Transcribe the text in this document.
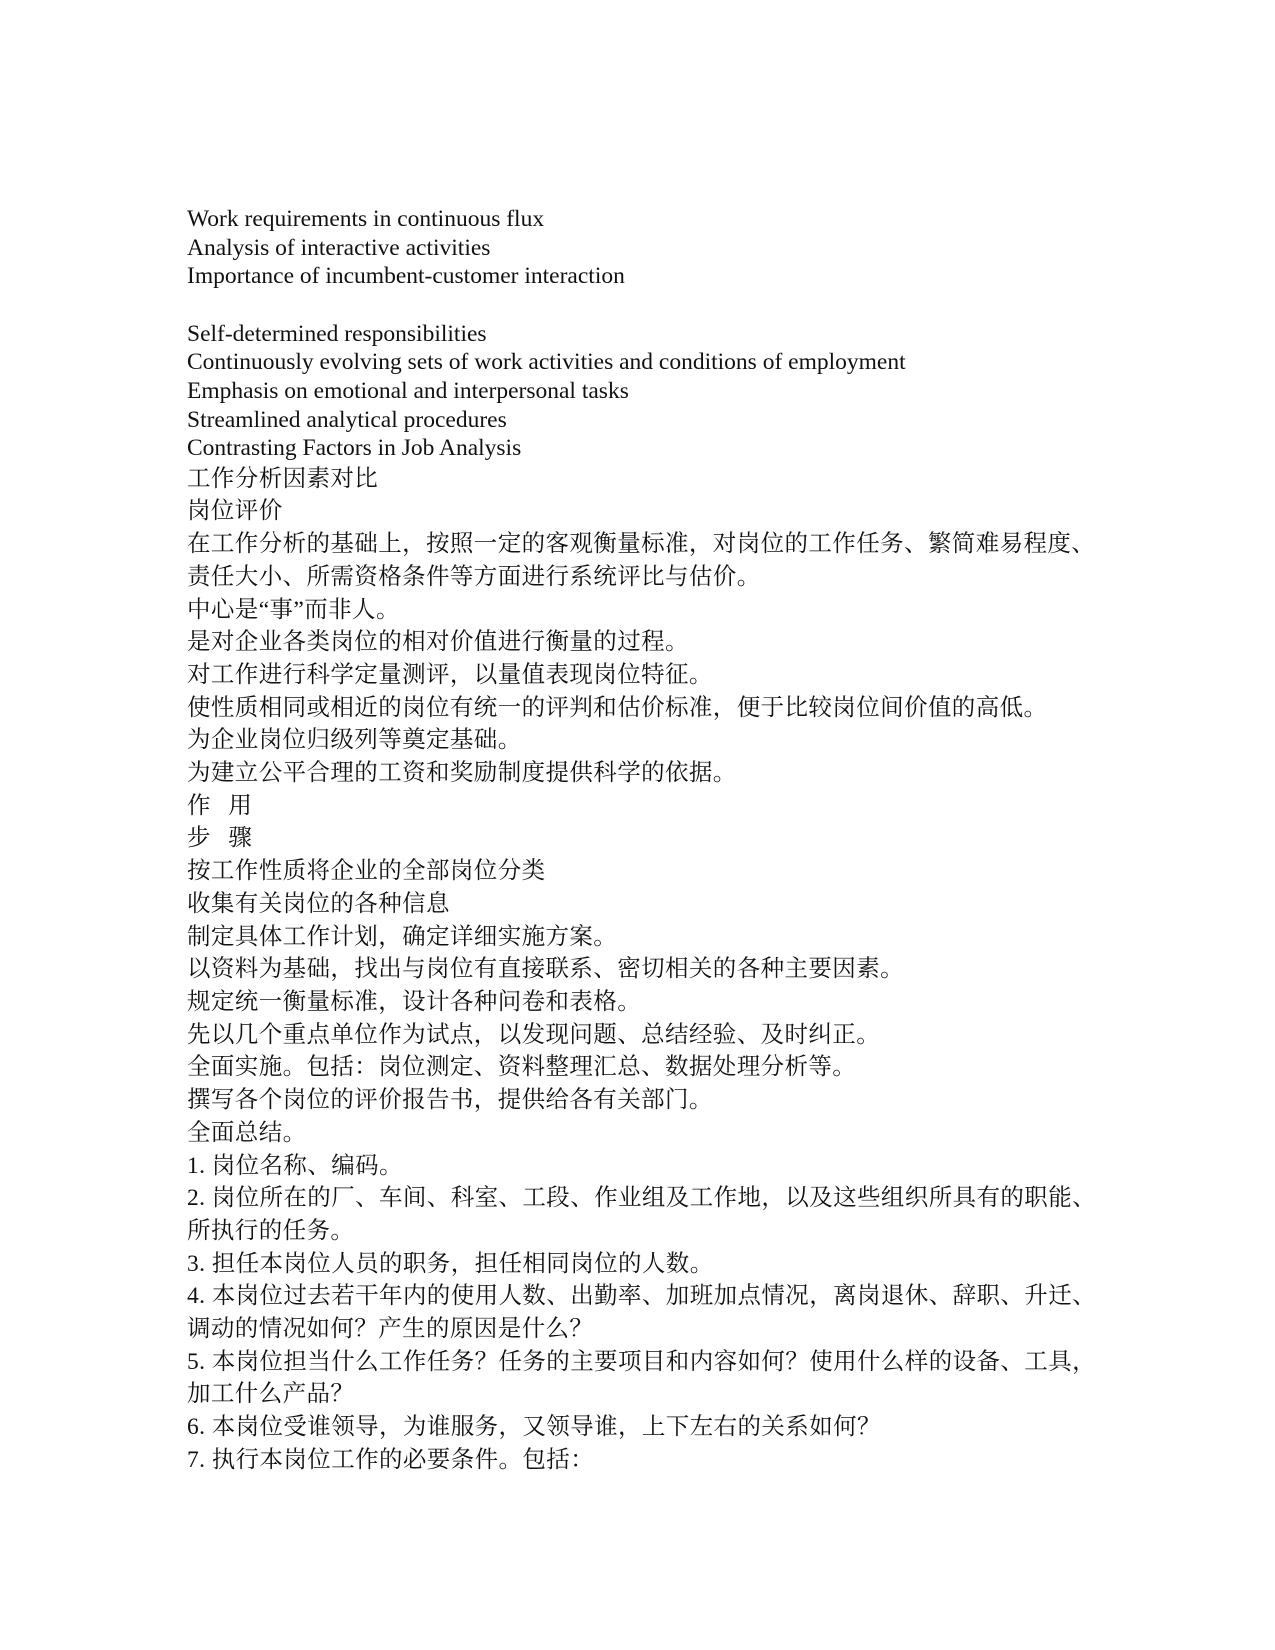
Work requirements in continuous flux
Analysis of interactive activities
Importance of incumbent-customer interaction
Self-determined responsibilities
Continuously evolving sets of work activities and conditions of employment
Emphasis on emotional and interpersonal tasks
Streamlined analytical procedures
Contrasting Factors in Job Analysis
工作分析因素对比
岗位评价
在工作分析的基础上，按照一定的客观衡量标准，对岗位的工作任务、繁简难易程度、责任大小、所需资格条件等方面进行系统评比与估价。
中心是“事”而非人。
是对企业各类岗位的相对价值进行衡量的过程。
对工作进行科学定量测评，以量值表现岗位特征。
使性质相同或相近的岗位有统一的评判和估价标准，便于比较岗位间价值的高低。
为企业岗位归级列等奠定基础。
为建立公平合理的工资和奖励制度提供科学的依据。
作 用
步 骤
按工作性质将企业的全部岗位分类
收集有关岗位的各种信息
制定具体工作计划，确定详细实施方案。
以资料为基础，找出与岗位有直接联系、密切相关的各种主要因素。
规定统一衡量标准，设计各种问卷和表格。
先以几个重点单位作为试点，以发现问题、总结经验、及时纠正。
全面实施。包括：岗位测定、资料整理汇总、数据处理分析等。
撰写各个岗位的评价报告书，提供给各有关部门。
全面总结。
1. 岗位名称、编码。
2. 岗位所在的厂、车间、科室、工段、作业组及工作地，以及这些组织所具有的职能、所执行的任务。
3. 担任本岗位人员的职务，担任相同岗位的人数。
4. 本岗位过去若干年内的使用人数、出勤率、加班加点情况，离岗退休、辞职、升迁、调动的情况如何？产生的原因是什么？
5. 本岗位担当什么工作任务？任务的主要项目和内容如何？使用什么样的设备、工具，加工什么产品？
6. 本岗位受谁领导，为谁服务，又领导谁，上下左右的关系如何？
7. 执行本岗位工作的必要条件。包括：
